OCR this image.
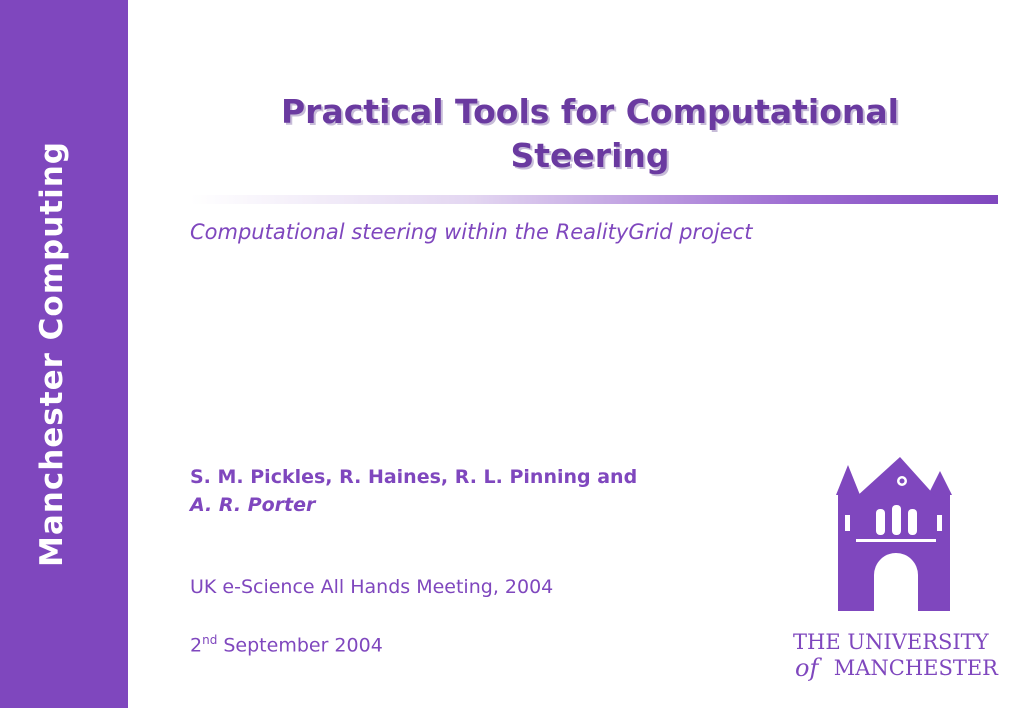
Manchester Computing
Practical Tools for Computational Steering
Computational steering within the RealityGrid project
S. M. Pickles, R. Haines, R. L. Pinning and
A. R. Porter
UK e-Science All Hands Meeting, 2004
2nd September 2004	THE UNIVERSITY
of MANCHESTER
